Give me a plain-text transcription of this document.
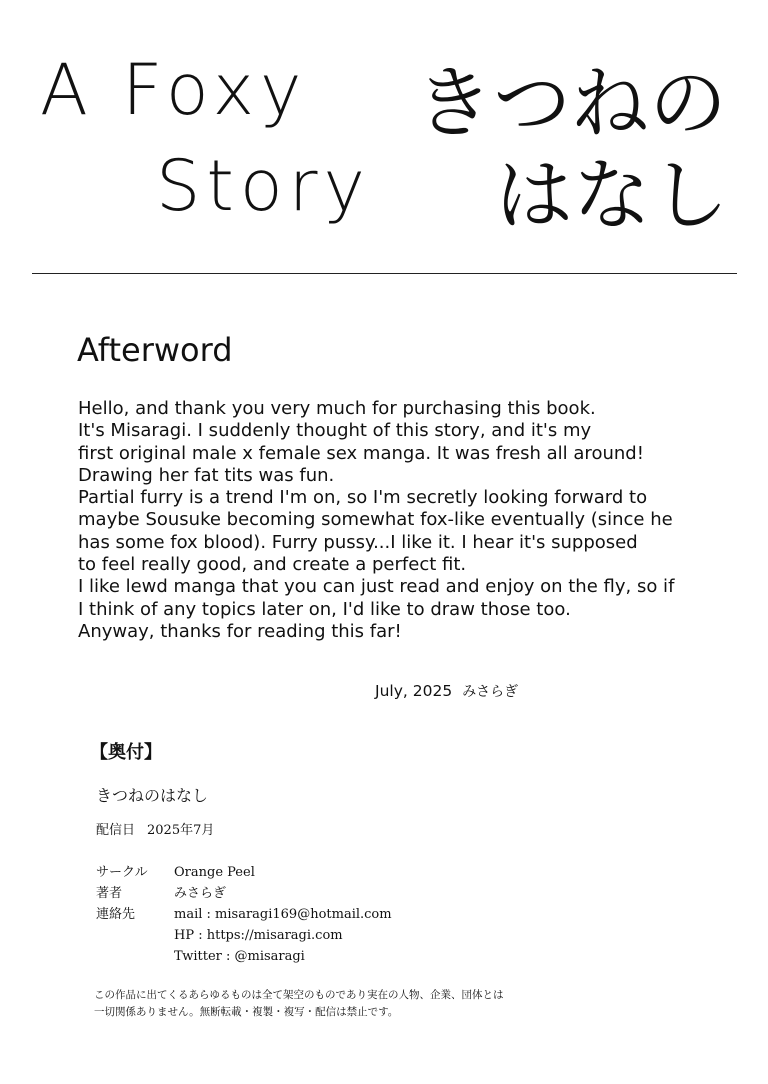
A Foxy
Story
きつねの
はなし
Afterword
Hello, and thank you very much for purchasing this book.
It's Misaragi. I suddenly thought of this story, and it's my
first original male x female sex manga. It was fresh all around!
Drawing her fat tits was fun.
Partial furry is a trend I'm on, so I'm secretly looking forward to
maybe Sousuke becoming somewhat fox-like eventually (since he
has some fox blood). Furry pussy...I like it. I hear it's supposed
to feel really good, and create a perfect fit.
I like lewd manga that you can just read and enjoy on the fly, so if
I think of any topics later on, I'd like to draw those too.
Anyway, thanks for reading this far!
July, 2025 みさらぎ
【奥付】
きつねのはなし
配信日 2025年7月
サークル	Orange Peel
著者	みさらぎ
連絡先	mail : misaragi169@hotmail.com
HP : https://misaragi.com
Twitter : @misaragi
この作品に出てくるあらゆるものは全て架空のものであり実在の人物、企業、団体とは
一切関係ありません。無断転載・複製・複写・配信は禁止です。
